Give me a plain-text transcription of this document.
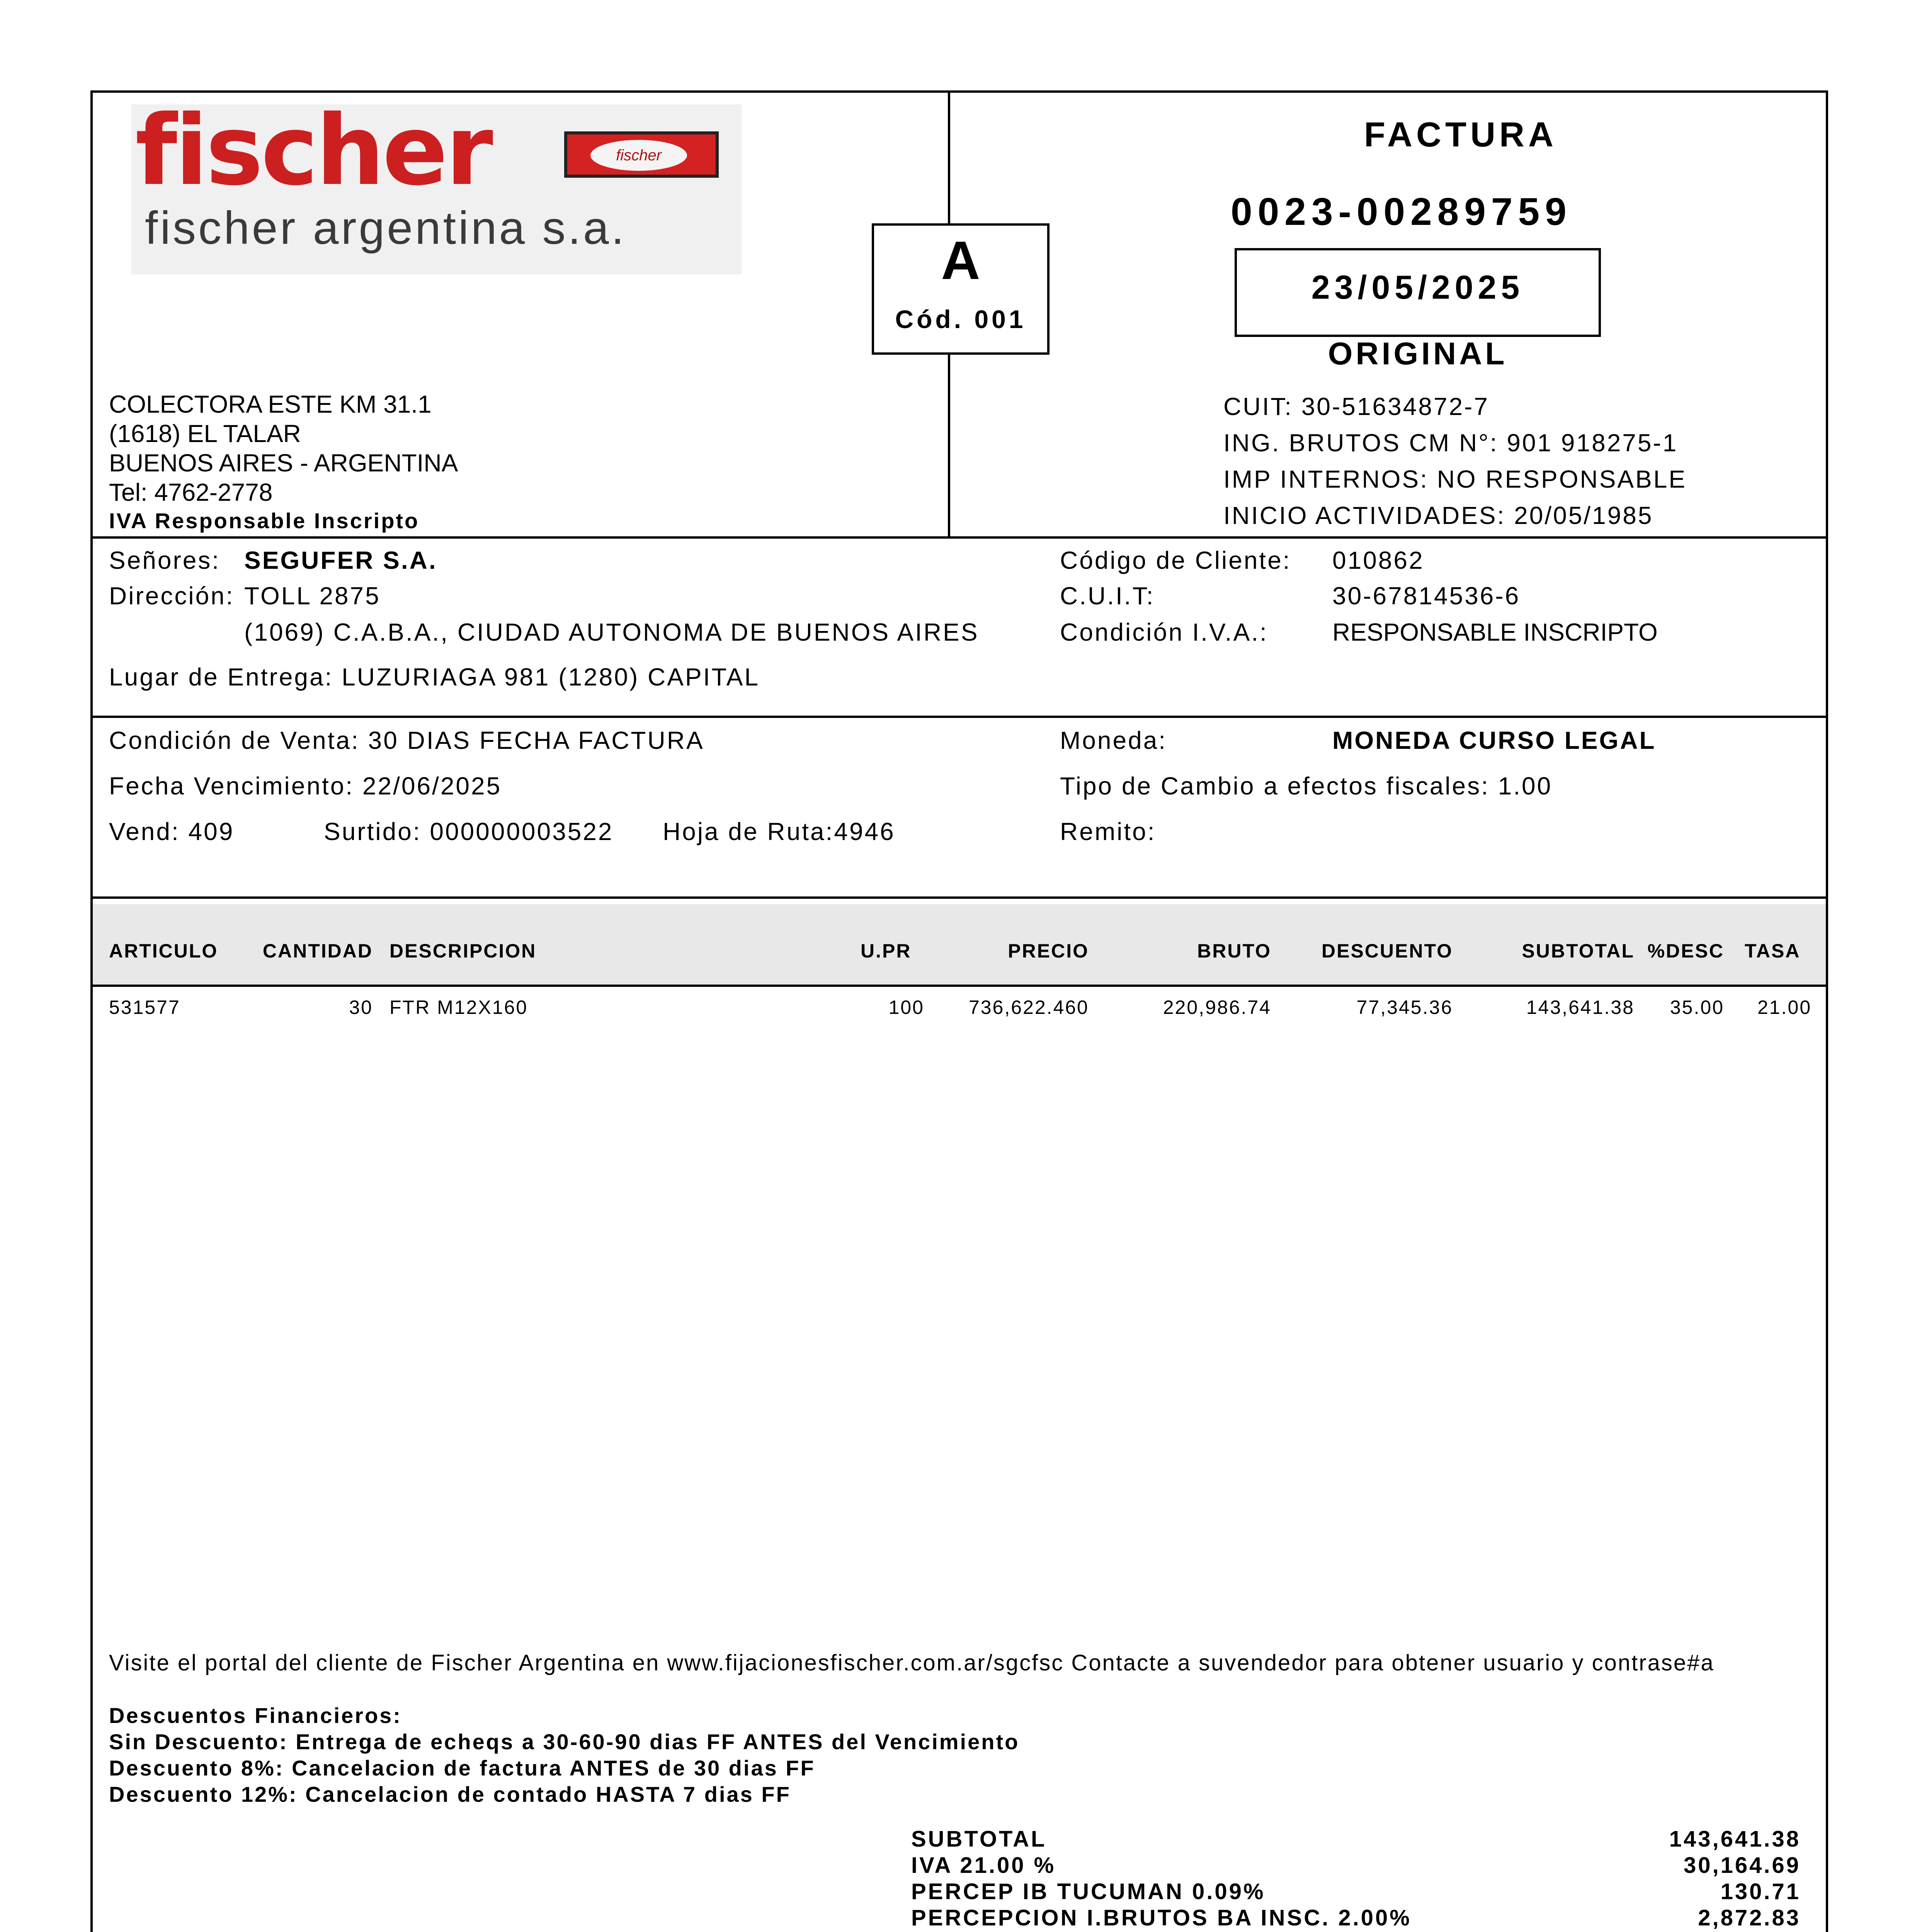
fischer	fischer
fischer argentina s.a.
A
Cód. 001
FACTURA
0023-00289759
23/05/2025
ORIGINAL
COLECTORA ESTE KM 31.1
(1618) EL TALAR
BUENOS AIRES - ARGENTINA
Tel: 4762-2778
IVA Responsable Inscripto
CUIT: 30-51634872-7
ING. BRUTOS CM N°: 901 918275-1
IMP INTERNOS: NO RESPONSABLE
INICIO ACTIVIDADES: 20/05/1985
Señores: SEGUFER S.A.
Dirección: TOLL 2875
(1069) C.A.B.A., CIUDAD AUTONOMA DE BUENOS AIRES
Lugar de Entrega: LUZURIAGA 981 (1280) CAPITAL
Código de Cliente: 010862
C.U.I.T:	30-67814536-6
Condición I.V.A.:	RESPONSABLE INSCRIPTO
Condición de Venta: 30 DIAS FECHA FACTURA
Fecha Vencimiento: 22/06/2025
Vend: 409	Surtido: 000000003522 Hoja de Ruta:4946
Moneda:	MONEDA CURSO LEGAL
Tipo de Cambio a efectos fiscales: 1.00
Remito:
ARTICULO	CANTIDAD DESCRIPCION	U.PR	PRECIO	BRUTO	DESCUENTO	SUBTOTAL %DESC TASA
531577	30 FTR M12X160	100	736,622.460	220,986.74	77,345.36	143,641.38	35.00 21.00
Visite el portal del cliente de Fischer Argentina en www.fijacionesfischer.com.ar/sgcfsc Contacte a suvendedor para obtener usuario y contrase#a
Descuentos Financieros:
Sin Descuento: Entrega de echeqs a 30-60-90 dias FF ANTES del Vencimiento
Descuento 8%: Cancelacion de factura ANTES de 30 dias FF
Descuento 12%: Cancelacion de contado HASTA 7 dias FF
SUBTOTAL	143,641.38
IVA 21.00 %	30,164.69
PERCEP IB TUCUMAN 0.09%	130.71
PERCEPCION I.BRUTOS BA INSC. 2.00%	2,872.83
